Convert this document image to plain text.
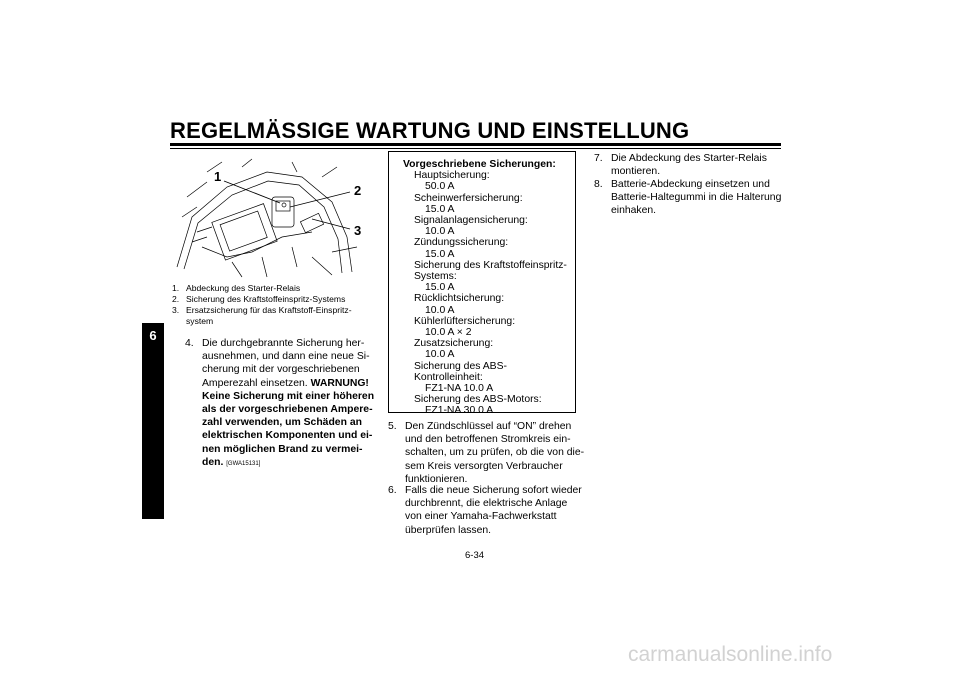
REGELMÄSSIGE WARTUNG UND EINSTELLUNG
6
1
2
3
1. Abdeckung des Starter-Relais
2. Sicherung des Kraftstoffeinspritz-Systems
3. Ersatzsicherung für das Kraftstoff-Einspritz-
system
4. Die durchgebrannte Sicherung her-
ausnehmen, und dann eine neue Si-
cherung mit der vorgeschriebenen
Amperezahl einsetzen. WARNUNG!
Keine Sicherung mit einer höheren
als der vorgeschriebenen Ampere-
zahl verwenden, um Schäden an
elektrischen Komponenten und ei-
nen möglichen Brand zu vermei-
den. [GWA15131]
Vorgeschriebene Sicherungen:
Hauptsicherung:
50.0 A
Scheinwerfersicherung:
15.0 A
Signalanlagensicherung:
10.0 A
Zündungssicherung:
15.0 A
Sicherung des Kraftstoffeinspritz-
Systems:
15.0 A
Rücklichtsicherung:
10.0 A
Kühlerlüftersicherung:
10.0 A × 2
Zusatzsicherung:
10.0 A
Sicherung des ABS-Kontrolleinheit:
FZ1-NA 10.0 A
Sicherung des ABS-Motors:
FZ1-NA 30.0 A
5. Den Zündschlüssel auf “ON” drehen
und den betroffenen Stromkreis ein-
schalten, um zu prüfen, ob die von die-
sem Kreis versorgten Verbraucher
funktionieren.
6. Falls die neue Sicherung sofort wieder
durchbrennt, die elektrische Anlage
von einer Yamaha-Fachwerkstatt
überprüfen lassen.
7. Die Abdeckung des Starter-Relais
montieren.
8. Batterie-Abdeckung einsetzen und
Batterie-Haltegummi in die Halterung
einhaken.
6-34
carmanualsonline.info
